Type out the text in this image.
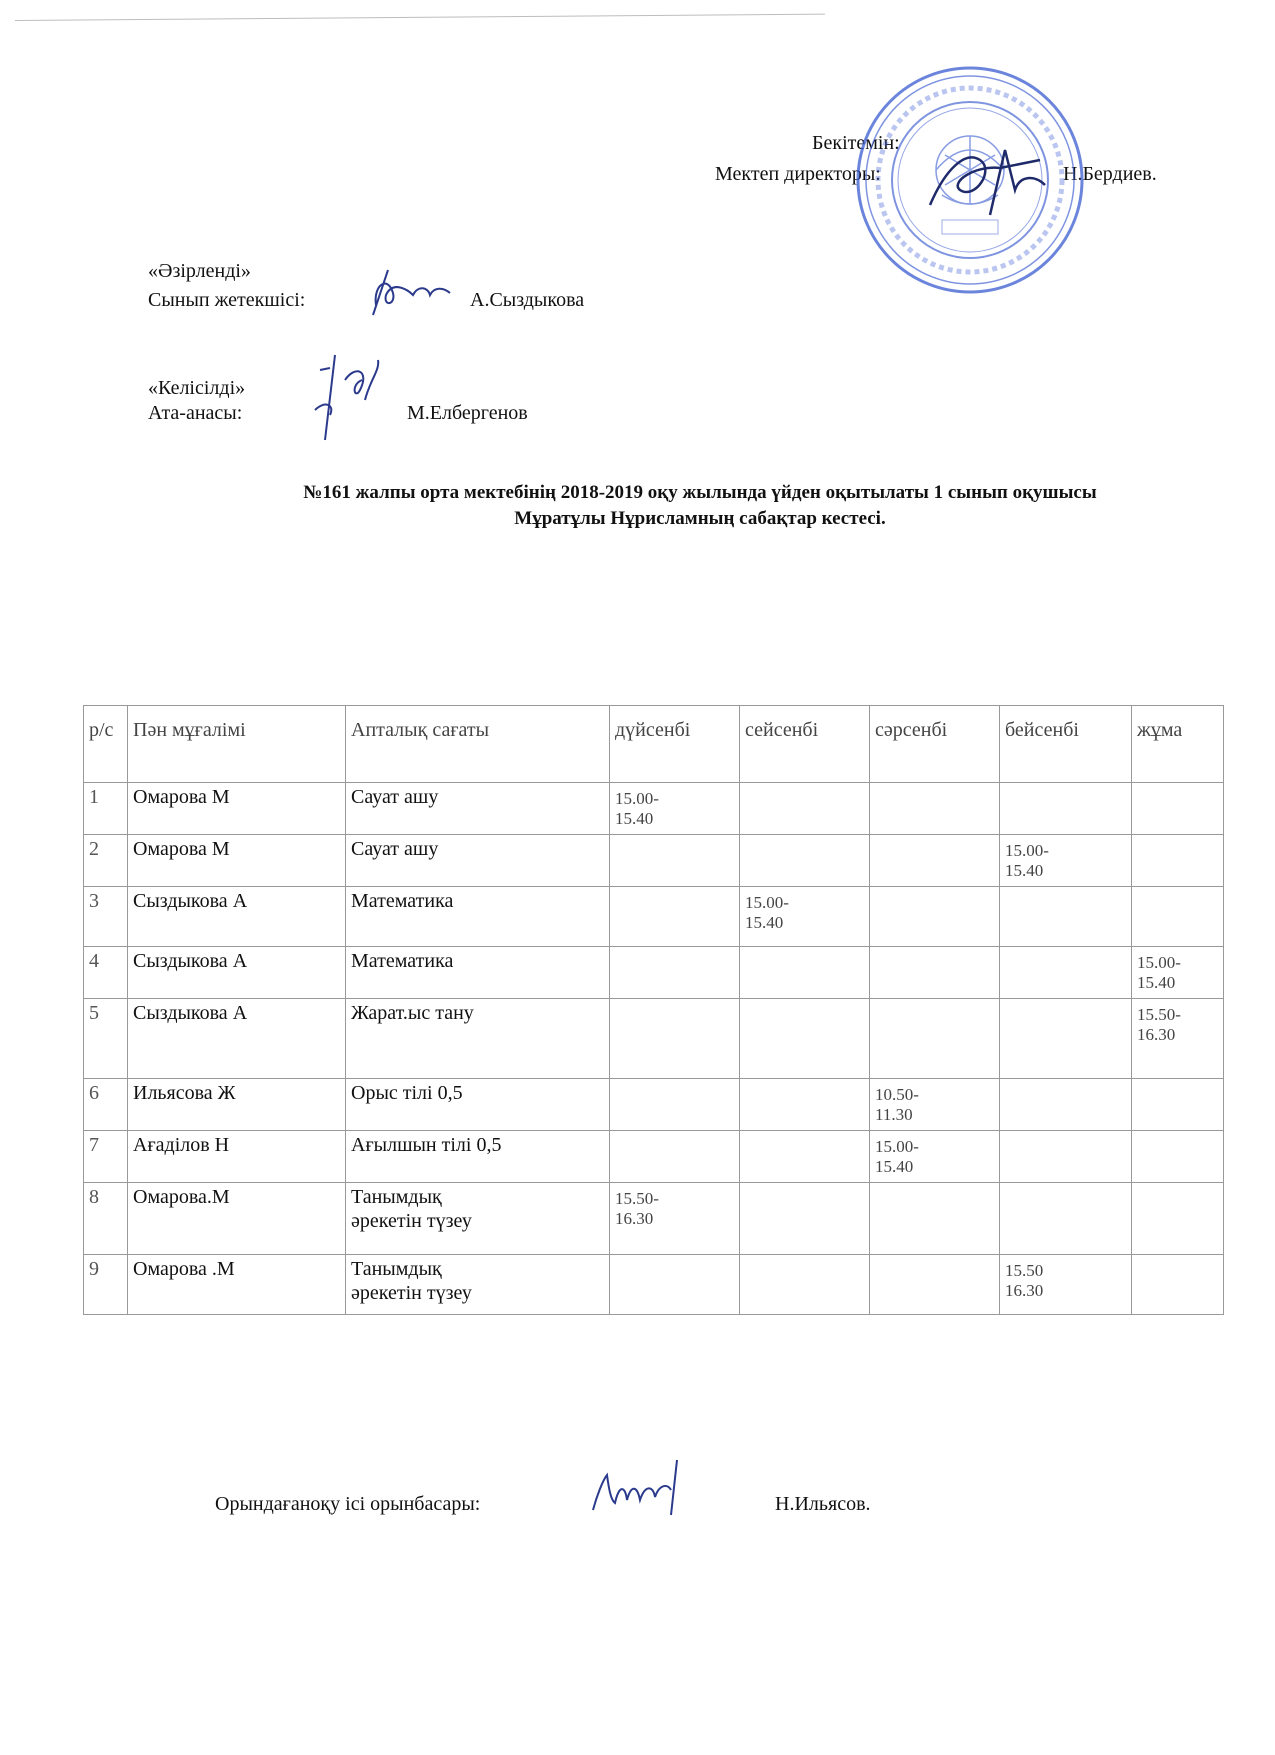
Бекітемін:
Мектеп директоры:	Н.Бердиев.
«Әзірленді»
Сынып жетекшісі:	А.Сыздыкова
«Келісілді»
Ата-анасы:	М.Елбергенов
№161 жалпы орта мектебінің 2018-2019 оқу жылында үйден оқытылаты 1 сынып оқушысы
Мұратұлы Нұрисламның сабақтар кестесі.
р/с	Пән мұғалімі	Апталық сағаты	дүйсенбі	сейсенбі	сәрсенбі	бейсенбі	жұма
1	Омарова М	Сауат ашу	15.00-
15.40				
2	Омарова М	Сауат ашу				15.00-
15.40	
3	Сыздыкова А	Математика		15.00-
15.40			
4	Сыздыкова А	Математика					15.00-
15.40
5	Сыздыкова А	Жарат.ыс тану					15.50-
16.30
6	Ильясова Ж	Орыс тілі 0,5			10.50-
11.30		
7	Ағаділов Н	Ағылшын тілі 0,5			15.00-
15.40		
8	Омарова.М	Танымдық
әрекетін түзеу	15.50-
16.30				
9	Омарова .М	Танымдық
әрекетін түзеу				15.50
16.30	
Орындағаноқу ісі орынбасары:	Н.Ильясов.
